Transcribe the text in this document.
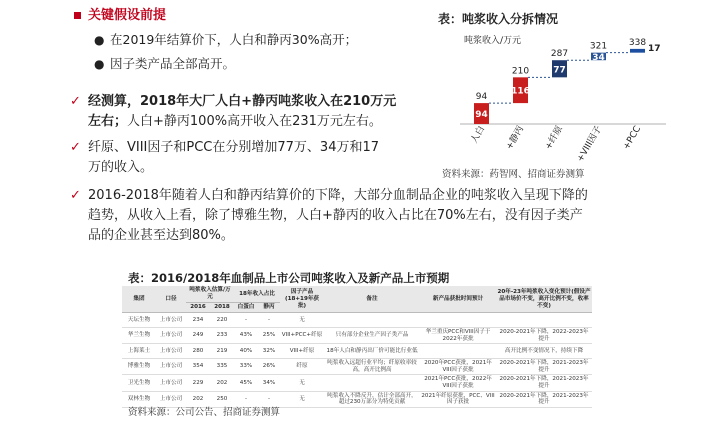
关键假设前提
● 在2019年结算价下，人白和静丙30%高开；
● 因子类产品全部高开。
✓ 经测算，2018年大厂人白+静丙吨浆收入在210万元
左右；人白+静丙100%高开收入在231万元左右。
✓ 纤原、VIII因子和PCC在分别增加77万、34万和17
万的收入。
✓ 2016-2018年随着人白和静丙结算价的下降，大部分血制品企业的吨浆收入呈现下降的
趋势，从收入上看，除了博雅生物，人白+静丙的收入占比在70%左右，没有因子类产
品的企业甚至达到80%。
表：吨浆收入分拆情况
吨浆收入/万元
94
94
人白
116
210
+静丙
77
287
+纤原
34
321
+VIII因子
17
338
+PCC
资料来源：药智网、招商证券测算
表：2016/2018年血制品上市公司吨浆收入及新产品上市预期
集团	口径	吨浆收入估算/万元		18年收入占比		因子产品(18+19年获批)	备注	新产品获批时间预计	20年-23年吨浆收入变化预计(假设产品市场价不变，高开比例不变，收率不变)
		2016	2018	白蛋白	静丙				
天坛生物	上市公司	234	220	-	-	无			
华兰生物	上市公司	249	233	43%	25%	VIII+PCC+纤原	只有部分企业生产因子类产品	华兰重庆PCC和VIII因子于2022年获批	2020-2021年下降，2022-2023年提升
上海莱士	上市公司	280	219	40%	32%	VIII+纤原	18年人白和静丙出厂价可能比行业低		高开比例不变情况下，持续下降
博雅生物	上市公司	354	335	33%	26%	纤原	吨浆收入远超行业平均；纤原收率较高，高开比例高	2020年PCC获批，2021年VIII因子获批	2020-2021年下降，2021-2023年提升
卫光生物	上市公司	229	202	45%	34%	无		2021年PCC获批，2022年VIII因子获批	2020-2021年下降，2021-2023年提升
双林生物	上市公司	202	250	-	-	无	吨浆收入不降反升，估计全部高开，超过230万部分为特免贡献	2021年纤原获批，PCC、VIII因子获批	2020-2021年下降，2021-2023年提升
资料来源：公司公告、招商证券测算
